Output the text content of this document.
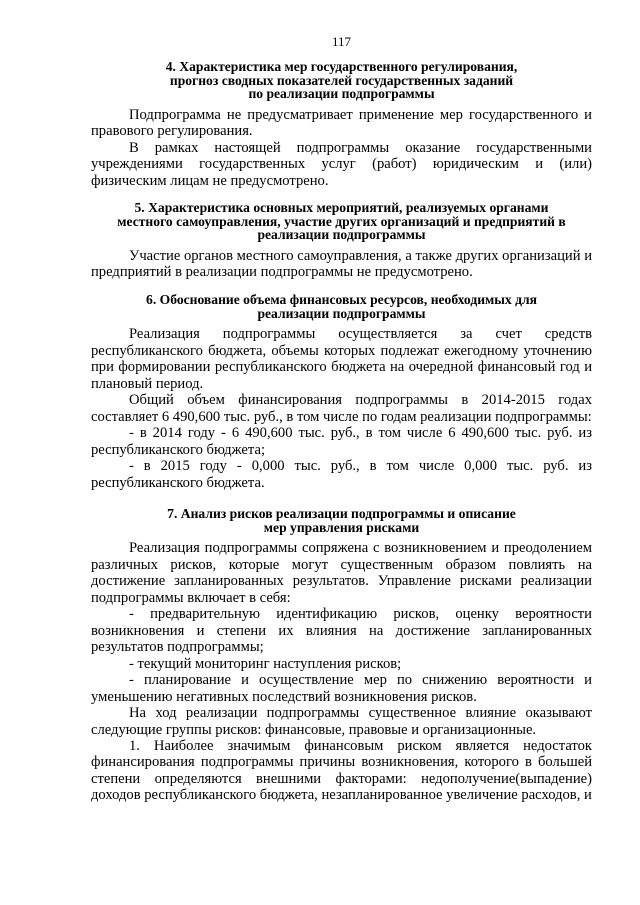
117
4. Характеристика мер государственного регулирования,
прогноз сводных показателей государственных заданий
по реализации подпрограммы

Подпрограмма не предусматривает применение мер государственного и правового регулирования.

В рамках настоящей подпрограммы оказание государственными учреждениями государственных услуг (работ) юридическим и (или) физическим лицам не предусмотрено.

5. Характеристика основных мероприятий, реализуемых органами
местного самоуправления, участие других организаций и предприятий в
реализации подпрограммы

Участие органов местного самоуправления, а также других организаций и предприятий в реализации подпрограммы не предусмотрено.

6. Обоснование объема финансовых ресурсов, необходимых для
реализации подпрограммы

Реализация подпрограммы осуществляется за счет средств республиканского бюджета, объемы которых подлежат ежегодному уточнению при формировании республиканского бюджета на очередной финансовый год и плановый период.

Общий объем финансирования подпрограммы в 2014-2015 годах составляет 6 490,600 тыс. руб., в том числе по годам реализации подпрограммы:

- в 2014 году - 6 490,600 тыс. руб., в том числе 6 490,600 тыс. руб. из республиканского бюджета;

- в 2015 году - 0,000 тыс. руб., в том числе 0,000 тыс. руб. из республиканского бюджета.

7. Анализ рисков реализации подпрограммы и описание
мер управления рисками

Реализация подпрограммы сопряжена с возникновением и преодолением различных рисков, которые могут существенным образом повлиять на достижение запланированных результатов. Управление рисками реализации подпрограммы включает в себя:

- предварительную идентификацию рисков, оценку вероятности возникновения и степени их влияния на достижение запланированных результатов подпрограммы;

- текущий мониторинг наступления рисков;

- планирование и осуществление мер по снижению вероятности и уменьшению негативных последствий возникновения рисков.

На ход реализации подпрограммы существенное влияние оказывают следующие группы рисков: финансовые, правовые и организационные.

1. Наиболее значимым финансовым риском является недостаток финансирования подпрограммы причины возникновения, которого в большей степени определяются внешними факторами: недополучение(выпадение) доходов республиканского бюджета, незапланированное увеличение расходов, и
